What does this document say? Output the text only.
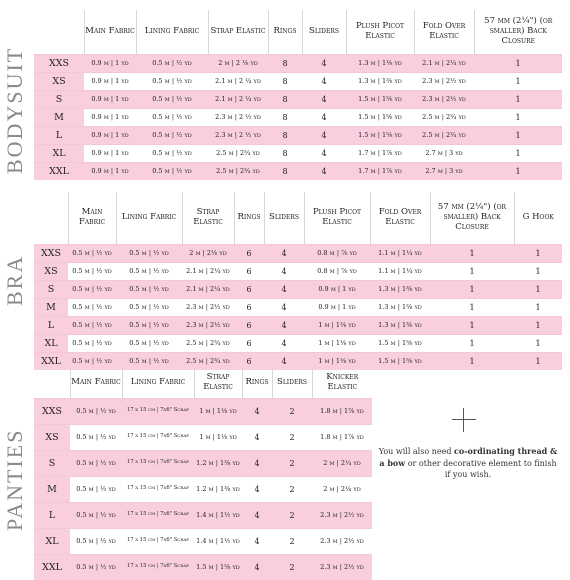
BODYSUIT
	Main Fabric	Lining Fabric	Strap Elastic	Rings	Sliders	Plush Picot Elastic	Fold Over Elastic	57 mm (2¼") (or smaller) Back Closure
XXS	0.9 m | 1 yd	0.5 m | ½ yd	2 m | 2 ⅛ yd	8	4	1.3 m | 1⅜ yd	2.1 m | 2¼ yd	1
XS	0.9 m | 1 yd	0.5 m | ½ yd	2.1 m | 2 ¼ yd	8	4	1.3 m | 1⅜ yd	2.3 m | 2½ yd	1
S	0.9 m | 1 yd	0.5 m | ½ yd	2.1 m | 2 ¼ yd	8	4	1.5 m | 1⅝ yd	2.3 m | 2½ yd	1
M	0.9 m | 1 yd	0.5 m | ½ yd	2.3 m | 2 ½ yd	8	4	1.5 m | 1⅝ yd	2.5 m | 2¾ yd	1
L	0.9 m | 1 yd	0.5 m | ½ yd	2.3 m | 2 ½ yd	8	4	1.5 m | 1⅝ yd	2.5 m | 2¾ yd	1
XL	0.9 m | 1 yd	0.5 m | ½ yd	2.5 m | 2¾ yd	8	4	1.7 m | 1⅞ yd	2.7 m | 3 yd	1
XXL	0.9 m | 1 yd	0.5 m | ½ yd	2.5 m | 2¾ yd	8	4	1.7 m | 1⅞ yd	2.7 m | 3 yd	1
BRA
	Main Fabric	Lining Fabric	Strap Elastic	Rings	Sliders	Plush Picot Elastic	Fold Over Elastic	57 mm (2¼") (or smaller) Back Closure	G Hook
XXS	0.5 m | ½ yd	0.5 m | ½ yd	2 m | 2⅛ yd	6	4	0.8 m | ⅞ yd	1.1 m | 1¼ yd	1	1
XS	0.5 m | ½ yd	0.5 m | ½ yd	2.1 m | 2¼ yd	6	4	0.8 m | ⅞ yd	1.1 m | 1¼ yd	1	1
S	0.5 m | ½ yd	0.5 m | ½ yd	2.1 m | 2¼ yd	6	4	0.9 m | 1 yd	1.3 m | 1⅜ yd	1	1
M	0.5 m | ½ yd	0.5 m | ½ yd	2.3 m | 2½ yd	6	4	0.9 m | 1 yd	1.3 m | 1⅜ yd	1	1
L	0.5 m | ½ yd	0.5 m | ½ yd	2.3 m | 2½ yd	6	4	1 m | 1⅛ yd	1.3 m | 1⅜ yd	1	1
XL	0.5 m | ½ yd	0.5 m | ½ yd	2.5 m | 2¾ yd	6	4	1 m | 1⅛ yd	1.5 m | 1⅝ yd	1	1
XXL	0.5 m | ½ yd	0.5 m | ½ yd	2.5 m | 2¾ yd	6	4	1 m | 1⅛ yd	1.5 m | 1⅝ yd	1	1
PANTIES
	Main Fabric	Lining Fabric	Strap Elastic	Rings	Sliders	Knicker Elastic
XXS	0.5 m | ½ yd	17 x 15 cm | 7x6" Scrap	1 m | 1⅛ yd	4	2	1.8 m | 1⅞ yd
XS	0.5 m | ½ yd	17 x 15 cm | 7x6" Scrap	1 m | 1⅛ yd	4	2	1.8 m | 1⅞ yd
S	0.5 m | ½ yd	17 x 15 cm | 7x6" Scrap	1.2 m | 1⅜ yd	4	2	2 m | 2¼ yd
M	0.5 m | ½ yd	17 x 15 cm | 7x6" Scrap	1.2 m | 1⅜ yd	4	2	2 m | 2¼ yd
L	0.5 m | ½ yd	17 x 15 cm | 7x6" Scrap	1.4 m | 1½ yd	4	2	2.3 m | 2½ yd
XL	0.5 m | ½ yd	17 x 15 cm | 7x6" Scrap	1.4 m | 1½ yd	4	2	2.3 m | 2½ yd
XXL	0.5 m | ½ yd	17 x 15 cm | 7x6" Scrap	1.5 m | 1⅝ yd	4	2	2.3 m | 2½ yd
You will also need co-ordinating thread & a bow or other decorative element to finish if you wish.
